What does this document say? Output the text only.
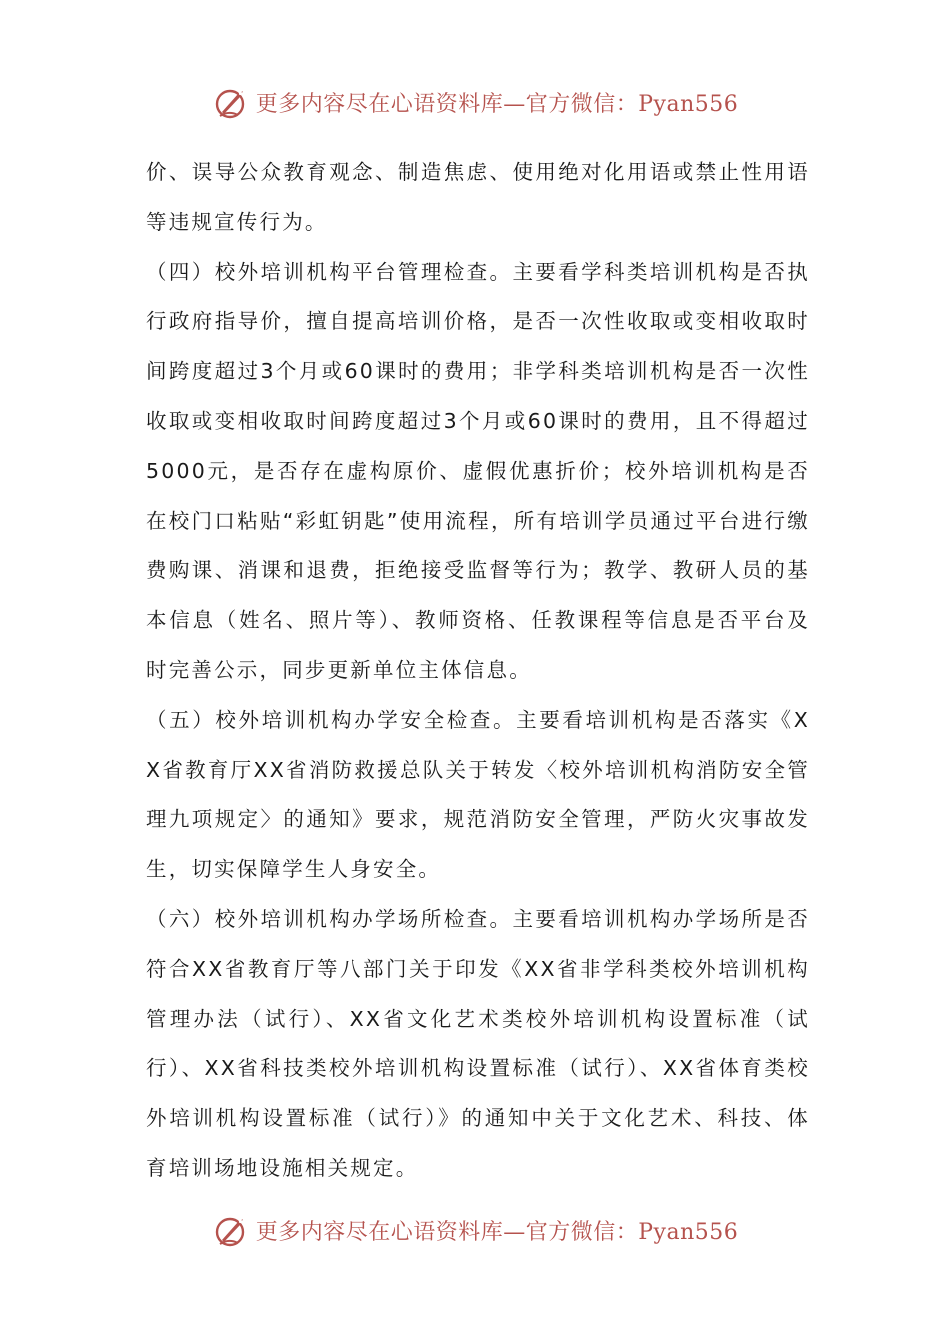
更多内容尽在心语资料库—官方微信：Pyan556

价、误导公众教育观念、制造焦虑、使用绝对化用语或禁止性用语等违规宣传行为。

（四）校外培训机构平台管理检查。主要看学科类培训机构是否执行政府指导价，擅自提高培训价格，是否一次性收取或变相收取时间跨度超过3个月或60课时的费用；非学科类培训机构是否一次性收取或变相收取时间跨度超过3个月或60课时的费用，且不得超过5000元，是否存在虚构原价、虚假优惠折价；校外培训机构是否在校门口粘贴“彩虹钥匙”使用流程，所有培训学员通过平台进行缴费购课、消课和退费，拒绝接受监督等行为；教学、教研人员的基本信息（姓名、照片等）、教师资格、任教课程等信息是否平台及时完善公示，同步更新单位主体信息。

（五）校外培训机构办学安全检查。主要看培训机构是否落实《XX省教育厅XX省消防救援总队关于转发〈校外培训机构消防安全管理九项规定〉的通知》要求，规范消防安全管理，严防火灾事故发生，切实保障学生人身安全。

（六）校外培训机构办学场所检查。主要看培训机构办学场所是否符合XX省教育厅等八部门关于印发《XX省非学科类校外培训机构管理办法（试行）、XX省文化艺术类校外培训机构设置标准（试行）、XX省科技类校外培训机构设置标准（试行）、XX省体育类校外培训机构设置标准（试行）》的通知中关于文化艺术、科技、体育培训场地设施相关规定。

更多内容尽在心语资料库—官方微信：Pyan556
